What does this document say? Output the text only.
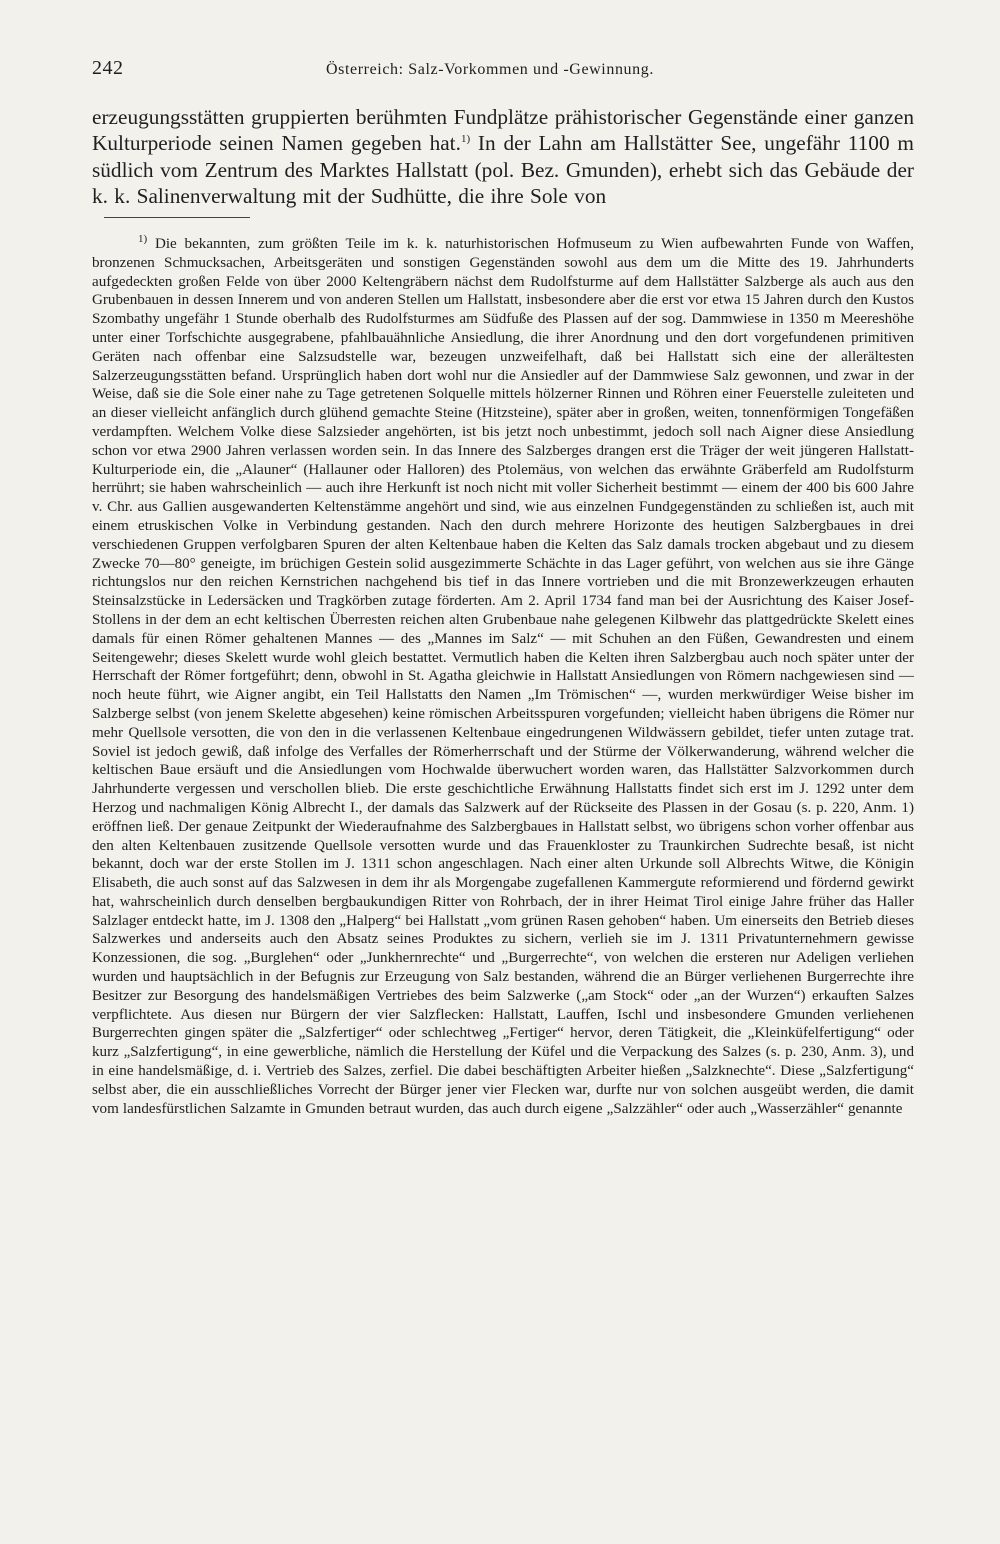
242	Österreich: Salz-Vorkommen und -Gewinnung.

erzeugungsstätten gruppierten berühmten Fundplätze prähistorischer Gegenstände einer ganzen Kulturperiode seinen Namen gegeben hat.$^{1)}$ In der Lahn am Hallstätter See, ungefähr 1100 m südlich vom Zentrum des Marktes Hallstatt (pol. Bez. Gmunden), erhebt sich das Gebäude der k. k. Salinenverwaltung mit der Sudhütte, die ihre Sole von

$^{1)}$ Die bekannten, zum größten Teile im k. k. naturhistorischen Hofmuseum zu Wien aufbewahrten Funde von Waffen, bronzenen Schmucksachen, Arbeitsgeräten und sonstigen Gegenständen sowohl aus dem um die Mitte des 19. Jahrhunderts aufgedeckten großen Felde von über 2000 Keltengräbern nächst dem Rudolfsturme auf dem Hallstätter Salzberge als auch aus den Grubenbauen in dessen Innerem und von anderen Stellen um Hallstatt, insbesondere aber die erst vor etwa 15 Jahren durch den Kustos Szombathy ungefähr 1 Stunde oberhalb des Rudolfsturmes am Südfuße des Plassen auf der sog. Dammwiese in 1350 m Meereshöhe unter einer Torfschichte ausgegrabene, pfahlbauähnliche Ansiedlung, die ihrer Anordnung und den dort vorgefundenen primitiven Geräten nach offenbar eine Salzsudstelle war, bezeugen unzweifelhaft, daß bei Hallstatt sich eine der allerältesten Salzerzeugungsstätten befand. Ursprünglich haben dort wohl nur die Ansiedler auf der Dammwiese Salz gewonnen, und zwar in der Weise, daß sie die Sole einer nahe zu Tage getretenen Solquelle mittels hölzerner Rinnen und Röhren einer Feuerstelle zuleiteten und an dieser vielleicht anfänglich durch glühend gemachte Steine (Hitzsteine), später aber in großen, weiten, tonnenförmigen Tongefäßen verdampften. Welchem Volke diese Salzsieder angehörten, ist bis jetzt noch unbestimmt, jedoch soll nach Aigner diese Ansiedlung schon vor etwa 2900 Jahren verlassen worden sein. In das Innere des Salzberges drangen erst die Träger der weit jüngeren Hallstatt-Kulturperiode ein, die „Alauner“ (Hallauner oder Halloren) des Ptolemäus, von welchen das erwähnte Gräberfeld am Rudolfsturm herrührt; sie haben wahrscheinlich — auch ihre Herkunft ist noch nicht mit voller Sicherheit bestimmt — einem der 400 bis 600 Jahre v. Chr. aus Gallien ausgewanderten Keltenstämme angehört und sind, wie aus einzelnen Fundgegenständen zu schließen ist, auch mit einem etruskischen Volke in Verbindung gestanden. Nach den durch mehrere Horizonte des heutigen Salzbergbaues in drei verschiedenen Gruppen verfolgbaren Spuren der alten Keltenbaue haben die Kelten das Salz damals trocken abgebaut und zu diesem Zwecke 70—80° geneigte, im brüchigen Gestein solid ausgezimmerte Schächte in das Lager geführt, von welchen aus sie ihre Gänge richtungslos nur den reichen Kernstrichen nachgehend bis tief in das Innere vortrieben und die mit Bronzewerkzeugen erhauten Steinsalzstücke in Ledersäcken und Tragkörben zutage förderten. Am 2. April 1734 fand man bei der Ausrichtung des Kaiser Josef-Stollens in der dem an echt keltischen Überresten reichen alten Grubenbaue nahe gelegenen Kilbwehr das plattgedrückte Skelett eines damals für einen Römer gehaltenen Mannes — des „Mannes im Salz“ — mit Schuhen an den Füßen, Gewandresten und einem Seitengewehr; dieses Skelett wurde wohl gleich bestattet. Vermutlich haben die Kelten ihren Salzbergbau auch noch später unter der Herrschaft der Römer fortgeführt; denn, obwohl in St. Agatha gleichwie in Hallstatt Ansiedlungen von Römern nachgewiesen sind — noch heute führt, wie Aigner angibt, ein Teil Hallstatts den Namen „Im Trömischen“ —, wurden merkwürdiger Weise bisher im Salzberge selbst (von jenem Skelette abgesehen) keine römischen Arbeitsspuren vorgefunden; vielleicht haben übrigens die Römer nur mehr Quellsole versotten, die von den in die verlassenen Keltenbaue eingedrungenen Wildwässern gebildet, tiefer unten zutage trat. Soviel ist jedoch gewiß, daß infolge des Verfalles der Römerherrschaft und der Stürme der Völkerwanderung, während welcher die keltischen Baue ersäuft und die Ansiedlungen vom Hochwalde überwuchert worden waren, das Hallstätter Salzvorkommen durch Jahrhunderte vergessen und verschollen blieb. Die erste geschichtliche Erwähnung Hallstatts findet sich erst im J. 1292 unter dem Herzog und nachmaligen König Albrecht I., der damals das Salzwerk auf der Rückseite des Plassen in der Gosau (s. p. 220, Anm. 1) eröffnen ließ. Der genaue Zeitpunkt der Wiederaufnahme des Salzbergbaues in Hallstatt selbst, wo übrigens schon vorher offenbar aus den alten Keltenbauen zusitzende Quellsole versotten wurde und das Frauenkloster zu Traunkirchen Sudrechte besaß, ist nicht bekannt, doch war der erste Stollen im J. 1311 schon angeschlagen. Nach einer alten Urkunde soll Albrechts Witwe, die Königin Elisabeth, die auch sonst auf das Salzwesen in dem ihr als Morgengabe zugefallenen Kammergute reformierend und fördernd gewirkt hat, wahrscheinlich durch denselben bergbaukundigen Ritter von Rohrbach, der in ihrer Heimat Tirol einige Jahre früher das Haller Salzlager entdeckt hatte, im J. 1308 den „Halperg“ bei Hallstatt „vom grünen Rasen gehoben“ haben. Um einerseits den Betrieb dieses Salzwerkes und anderseits auch den Absatz seines Produktes zu sichern, verlieh sie im J. 1311 Privatunternehmern gewisse Konzessionen, die sog. „Burglehen“ oder „Junkhernrechte“ und „Burgerrechte“, von welchen die ersteren nur Adeligen verliehen wurden und hauptsächlich in der Befugnis zur Erzeugung von Salz bestanden, während die an Bürger verliehenen Burgerrechte ihre Besitzer zur Besorgung des handelsmäßigen Vertriebes des beim Salzwerke („am Stock“ oder „an der Wurzen“) erkauften Salzes verpflichtete. Aus diesen nur Bürgern der vier Salzflecken: Hallstatt, Lauffen, Ischl und insbesondere Gmunden verliehenen Burgerrechten gingen später die „Salzfertiger“ oder schlechtweg „Fertiger“ hervor, deren Tätigkeit, die „Kleinküfelfertigung“ oder kurz „Salzfertigung“, in eine gewerbliche, nämlich die Herstellung der Küfel und die Verpackung des Salzes (s. p. 230, Anm. 3), und in eine handelsmäßige, d. i. Vertrieb des Salzes, zerfiel. Die dabei beschäftigten Arbeiter hießen „Salzknechte“. Diese „Salzfertigung“ selbst aber, die ein ausschließliches Vorrecht der Bürger jener vier Flecken war, durfte nur von solchen ausgeübt werden, die damit vom landesfürstlichen Salzamte in Gmunden betraut wurden, das auch durch eigene „Salzzähler“ oder auch „Wasserzähler“ genannte
